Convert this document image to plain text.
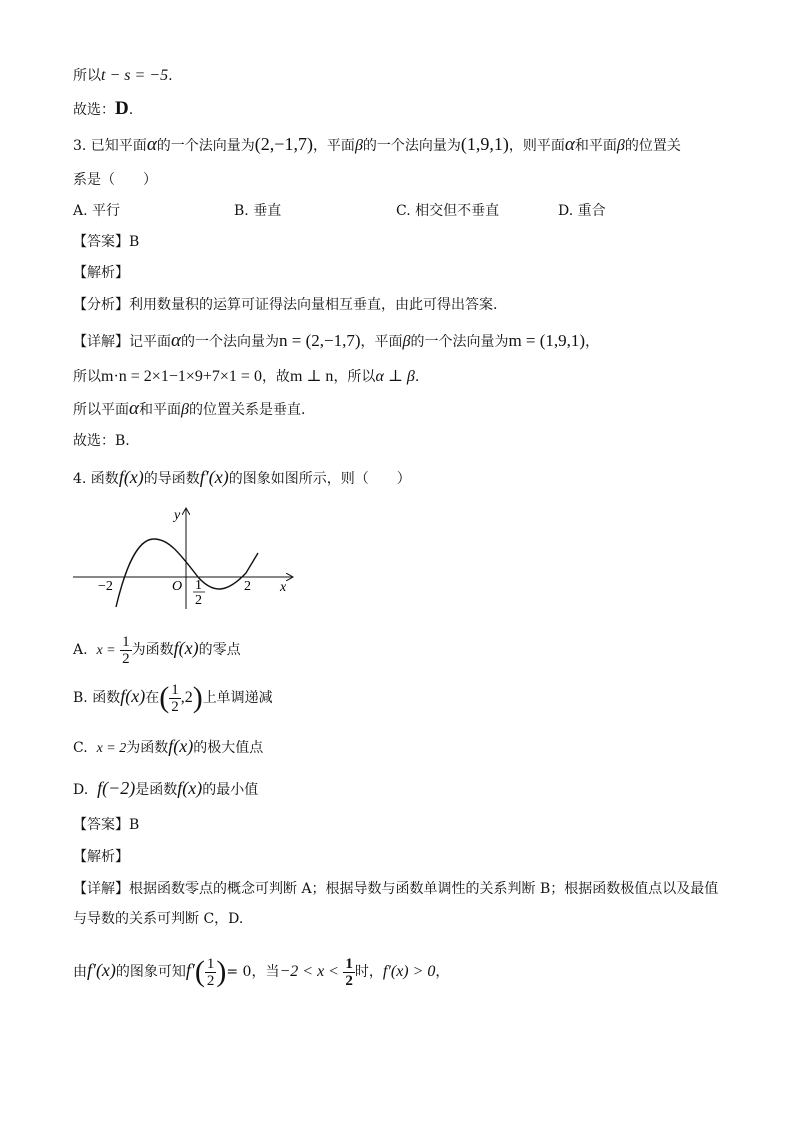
所以t − s = −5.
故选：D.
3. 已知平面α的一个法向量为(2,−1,7)，平面β的一个法向量为(1,9,1)，则平面α和平面β的位置关
系是（　　）
A. 平行	B. 垂直	C. 相交但不垂直	D. 重合
【答案】B
【解析】
【分析】利用数量积的运算可证得法向量相互垂直，由此可得出答案.
【详解】记平面α的一个法向量为n = (2,−1,7)，平面β的一个法向量为m = (1,9,1)，
所以m·n = 2×1−1×9+7×1 = 0，故m ⊥ n，所以α ⊥ β.
所以平面α和平面β的位置关系是垂直.
故选：B.
4. 函数f(x)的导函数f′(x)的图象如图所示，则（　　）
y
x
O
−2	2
1
2
A. $x = \frac{1}{2}$ 为函数f(x)的零点
B. 函数f(x)在( $\frac{1}{2} ,2$)上单调递减
C. x = 2为函数f(x)的极大值点
D. f(−2)是函数f(x)的最小值
【答案】B
【解析】
【详解】根据函数零点的概念可判断 A；根据导数与函数单调性的关系判断 B；根据函数极值点以及最值
与导数的关系可判断 C，D.
由f′(x)的图象可知$f'( \frac{1}{2}$ )= 0，当$-2 < x < \frac{1}{2}$ 时，f′(x) > 0，
